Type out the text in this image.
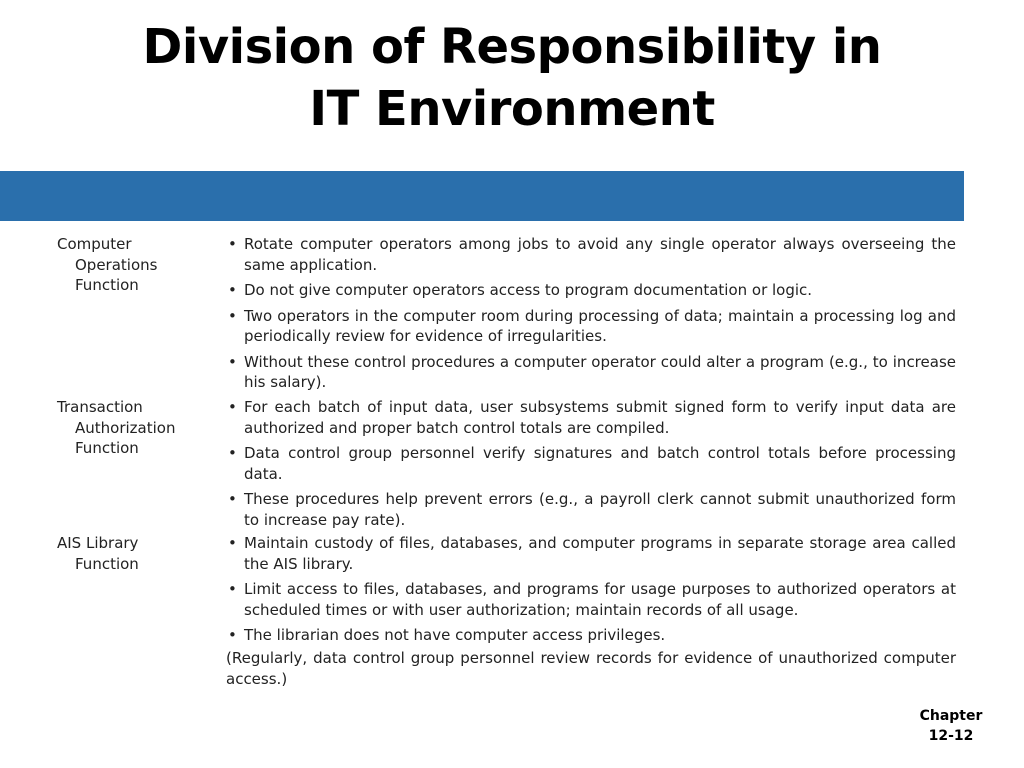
Division of Responsibility in
IT Environment
Computer
Operations
Function
• Rotate computer operators among jobs to avoid any single operator always overseeing the same application.
• Do not give computer operators access to program documentation or logic.
• Two operators in the computer room during processing of data; maintain a processing log and periodically review for evidence of irregularities.
• Without these control procedures a computer operator could alter a program (e.g., to increase his salary).
Transaction
Authorization
Function
• For each batch of input data, user subsystems submit signed form to verify input data are authorized and proper batch control totals are compiled.
• Data control group personnel verify signatures and batch control totals before processing data.
• These procedures help prevent errors (e.g., a payroll clerk cannot submit unauthorized form to increase pay rate).
AIS Library
Function
• Maintain custody of files, databases, and computer programs in separate storage area called the AIS library.
• Limit access to files, databases, and programs for usage purposes to authorized operators at scheduled times or with user authorization; maintain records of all usage.
• The librarian does not have computer access privileges.
(Regularly, data control group personnel review records for evidence of unauthorized computer access.)
Chapter
12-12
